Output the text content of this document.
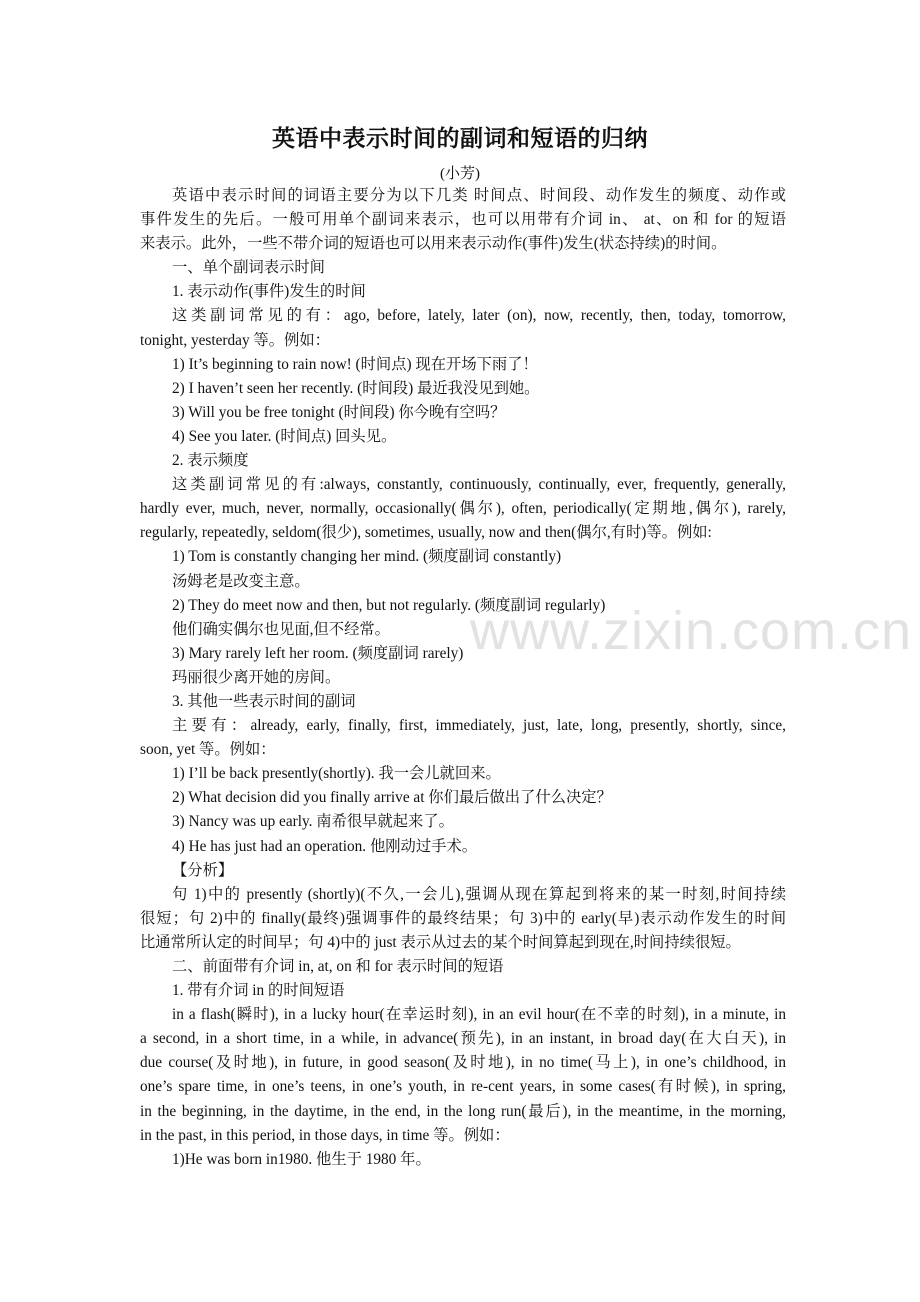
英语中表示时间的副词和短语的归纳
(小芳)
www.zixin.com.cn
英语中表示时间的词语主要分为以下几类 时间点、时间段、动作发生的频度、动作或
事件发生的先后。一般可用单个副词来表示，也可以用带有介词 in、 at、on 和 for 的短语
来表示。此外，一些不带介词的短语也可以用来表示动作(事件)发生(状态持续)的时间。
一、单个副词表示时间
1. 表示动作(事件)发生的时间
这类副词常见的有：ago, before, lately, later (on), now, recently, then, today, tomorrow,
tonight, yesterday 等。例如：
1) It’s beginning to rain now! (时间点) 现在开场下雨了！
2) I haven’t seen her recently. (时间段) 最近我没见到她。
3) Will you be free tonight (时间段) 你今晚有空吗？
4) See you later. (时间点) 回头见。
2. 表示频度
这类副词常见的有:always, constantly, continuously, continually, ever, frequently, generally,
hardly ever, much, never, normally, occasionally(偶尔), often, periodically(定期地,偶尔), rarely,
regularly, repeatedly, seldom(很少), sometimes, usually, now and then(偶尔,有时)等。例如:
1) Tom is constantly changing her mind. (频度副词 constantly)
汤姆老是改变主意。
2) They do meet now and then, but not regularly. (频度副词 regularly)
他们确实偶尔也见面,但不经常。
3) Mary rarely left her room. (频度副词 rarely)
玛丽很少离开她的房间。
3. 其他一些表示时间的副词
主要有：already, early, finally, first, immediately, just, late, long, presently, shortly, since,
soon, yet 等。例如：
1) I’ll be back presently(shortly). 我一会儿就回来。
2) What decision did you finally arrive at 你们最后做出了什么决定？
3) Nancy was up early. 南希很早就起来了。
4) He has just had an operation. 他刚动过手术。
【分析】
句 1)中的 presently (shortly)(不久,一会儿),强调从现在算起到将来的某一时刻,时间持续
很短；句 2)中的 finally(最终)强调事件的最终结果；句 3)中的 early(早)表示动作发生的时间
比通常所认定的时间早；句 4)中的 just 表示从过去的某个时间算起到现在,时间持续很短。
二、前面带有介词 in, at, on 和 for 表示时间的短语
1. 带有介词 in 的时间短语
in a flash(瞬时), in a lucky hour(在幸运时刻), in an evil hour(在不幸的时刻), in a minute, in
a second, in a short time, in a while, in advance(预先), in an instant, in broad day(在大白天), in
due course(及时地), in future, in good season(及时地), in no time(马上), in one’s childhood, in
one’s spare time, in one’s teens, in one’s youth, in re-cent years, in some cases(有时候), in spring,
in the beginning, in the daytime, in the end, in the long run(最后), in the meantime, in the morning,
in the past, in this period, in those days, in time 等。例如：
1)He was born in1980. 他生于 1980 年。
